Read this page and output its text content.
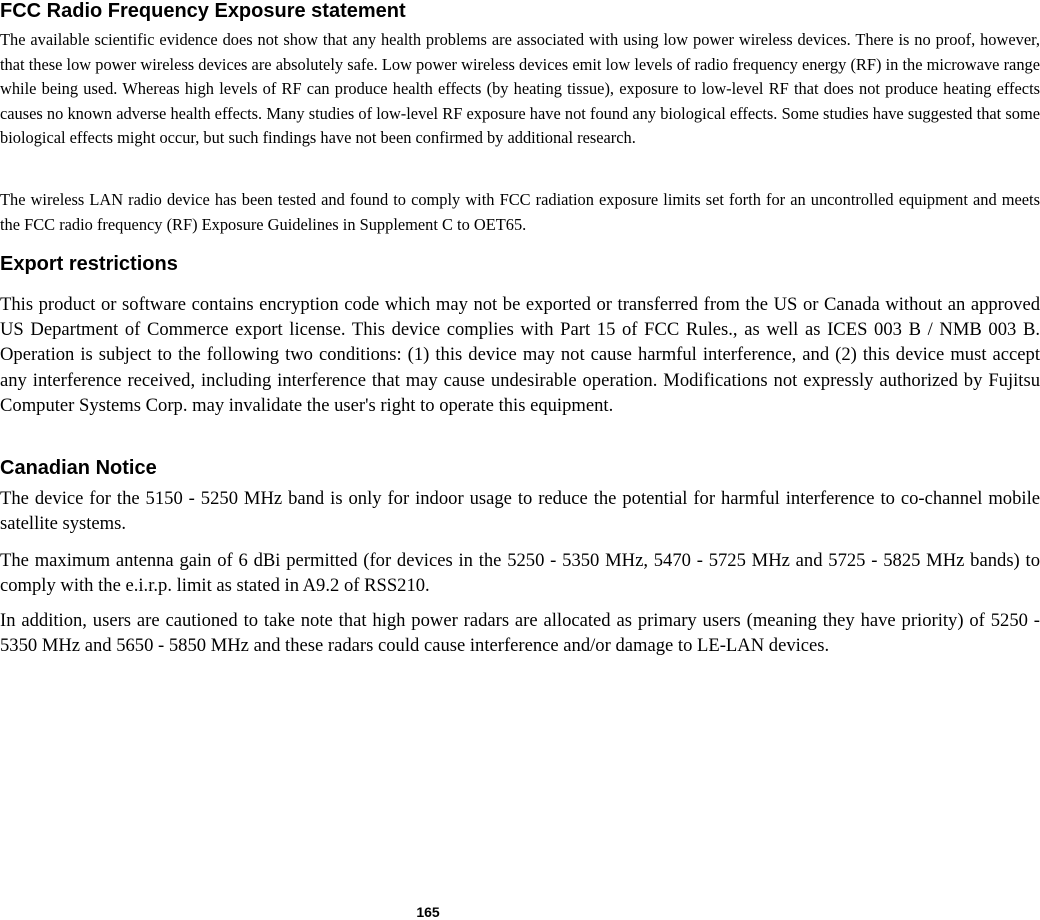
FCC Radio Frequency Exposure statement

The available scientific evidence does not show that any health problems are associated with using low power wireless devices. There is no proof, however, that these low power wireless devices are absolutely safe. Low power wireless devices emit low levels of radio frequency energy (RF) in the microwave range while being used. Whereas high levels of RF can produce health effects (by heating tissue), exposure to low-level RF that does not produce heating effects causes no known adverse health effects. Many studies of low-level RF exposure have not found any biological effects. Some studies have suggested that some biological effects might occur, but such findings have not been confirmed by additional research.

The wireless LAN radio device has been tested and found to comply with FCC radiation exposure limits set forth for an uncontrolled equipment and meets the FCC radio frequency (RF) Exposure Guidelines in Supplement C to OET65.

Export restrictions

This product or software contains encryption code which may not be exported or transferred from the US or Canada without an approved US Department of Commerce export license. This device complies with Part 15 of FCC Rules., as well as ICES 003 B / NMB 003 B. Operation is subject to the following two conditions: (1) this device may not cause harmful interference, and (2) this device must accept any interference received, including interference that may cause undesirable operation. Modifications not expressly authorized by Fujitsu Computer Systems Corp. may invalidate the user's right to operate this equipment.

Canadian Notice

The device for the 5150 - 5250 MHz band is only for indoor usage to reduce the potential for harmful interference to co-channel mobile satellite systems.

The maximum antenna gain of 6 dBi permitted (for devices in the 5250 - 5350 MHz, 5470 - 5725 MHz and 5725 - 5825 MHz bands) to comply with the e.i.r.p. limit as stated in A9.2 of RSS210.

In addition, users are cautioned to take note that high power radars are allocated as primary users (meaning they have priority) of 5250 - 5350 MHz and 5650 - 5850 MHz and these radars could cause interference and/or damage to LE-LAN devices.

165
